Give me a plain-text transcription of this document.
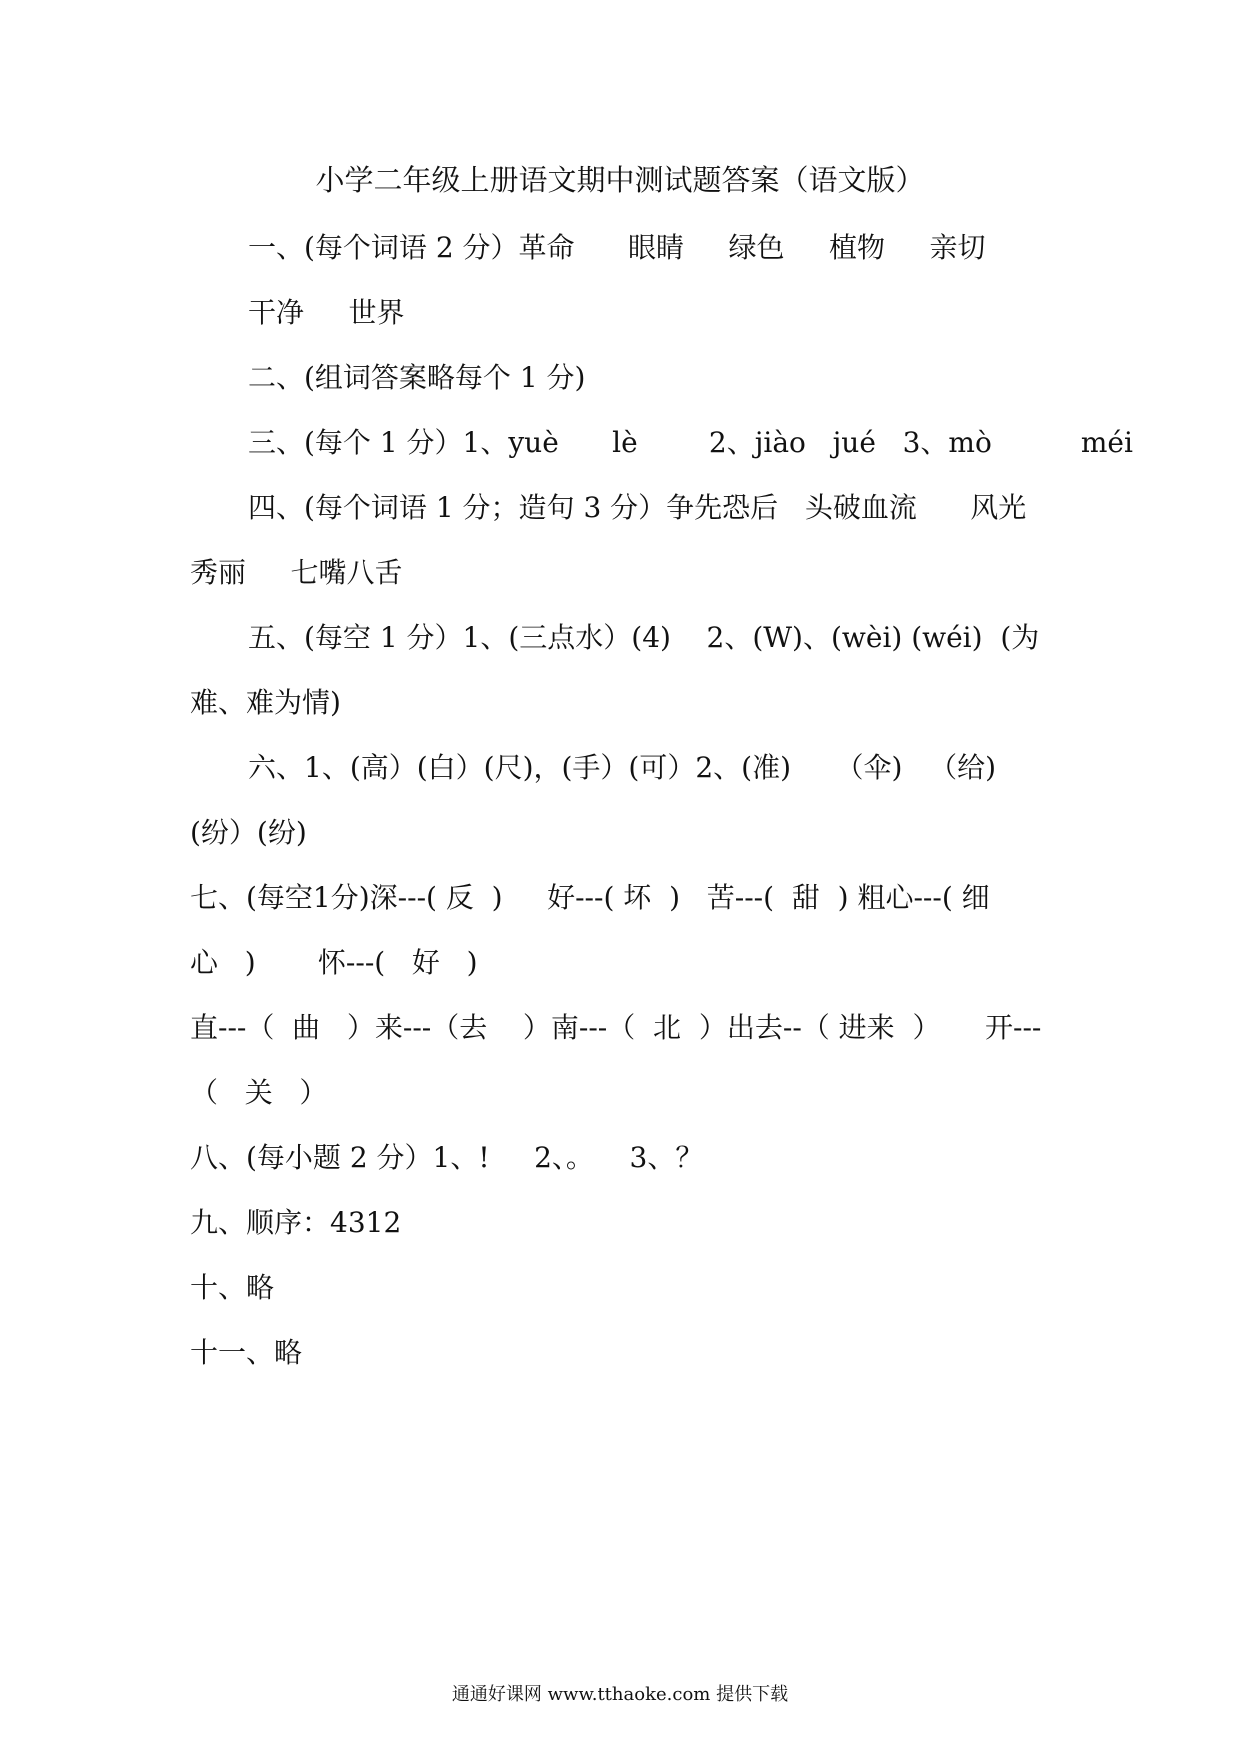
小学二年级上册语文期中测试题答案（语文版）
一、(每个词语 2 分）革命      眼睛     绿色     植物     亲切
干净     世界
二、(组词答案略每个 1 分)
三、(每个 1 分）1、yuè      lè        2、jiào   jué   3、mò          méi
四、(每个词语 1 分；造句 3 分）争先恐后   头破血流      风光
秀丽     七嘴八舌
五、(每空 1 分）1、(三点水）(4)    2、(W)、(wèi) (wéi)  (为
难、难为情)
六、1、(高）(白）(尺)，(手）(可）2、(准)     （伞)   （给)
(纷）(纷)
七、(每空1分)深---( 反  )     好---( 坏  )   苦---(  甜  ) 粗心---( 细
心   )       怀---(   好   )
直---（  曲   ）来---（去    ）南---（  北  ）出去--（ 进来  ）     开---
（   关   ）
八、(每小题 2 分）1、!     2、。    3、？
九、顺序：4312
十、略
十一、略
通通好课网 www.tthaoke.com 提供下载
